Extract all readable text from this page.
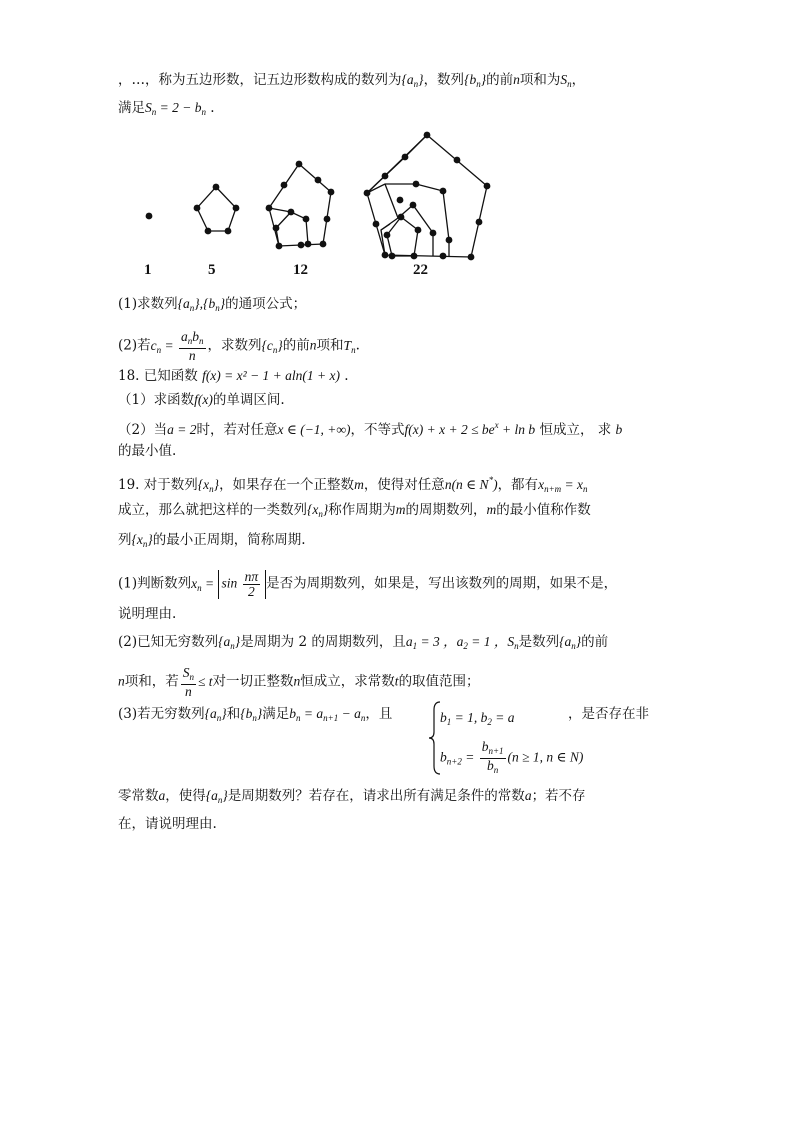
，…，称为五边形数，记五边形数构成的数列为$\{a_n\}$，数列$\{b_n\}$的前n项和为$S_n$，
满足$S_n = 2 - b_n$ .
1	5	12	22
(1)求数列$\{a_n\},\{b_n\}$的通项公式；
(2)若$c_n = \frac{a_nb_n}{n}$ ，求数列$\{c_n\}$的前n项和$T_n$.
18. 已知函数 f(x) = x² − 1 + aln(1 + x) .
（1）求函数f(x)的单调区间.
（2）当a = 2时，若对任意x ∈ (−1, +∞)，不等式$f(x) + x + 2 \le be^x + \ln b$ 恒成立， 求 b
的最小值.
19. 对于数列$\{x_n\}$，如果存在一个正整数m，使得对任意n(n ∈ N*)，都有$x_{n+m} = x_n$
成立，那么就把这样的一类数列$\{x_n\}$称作周期为m的周期数列，m的最小值称作数
列$\{x_n\}$的最小正周期，简称周期.
(1)判断数列$x_n = \sin \frac{n\pi}{2}$ 是否为周期数列，如果是，写出该数列的周期，如果不是，
说明理由.
(2)已知无穷数列$\{a_n\}$是周期为 2 的周期数列，且$a_1 = 3$ ，$a_2 = 1$ ，$S_n$是数列$\{a_n\}$的前
n项和，若 $\frac{S_n}{n} \le t$对一切正整数n恒成立，求常数t的取值范围；
(3)若无穷数列$\{a_n\}$和$\{b_n\}$满足$b_n = a_{n+1} - a_n$，且	，是否存在非
$b_1 = 1$, $b_2 = a$
$b_{n+2} = \frac{b_{n+1}}{b_n} (n \ge 1$, n ∈ N)
零常数a，使得$\{a_n\}$是周期数列？若存在，请求出所有满足条件的常数a；若不存
在，请说明理由.
